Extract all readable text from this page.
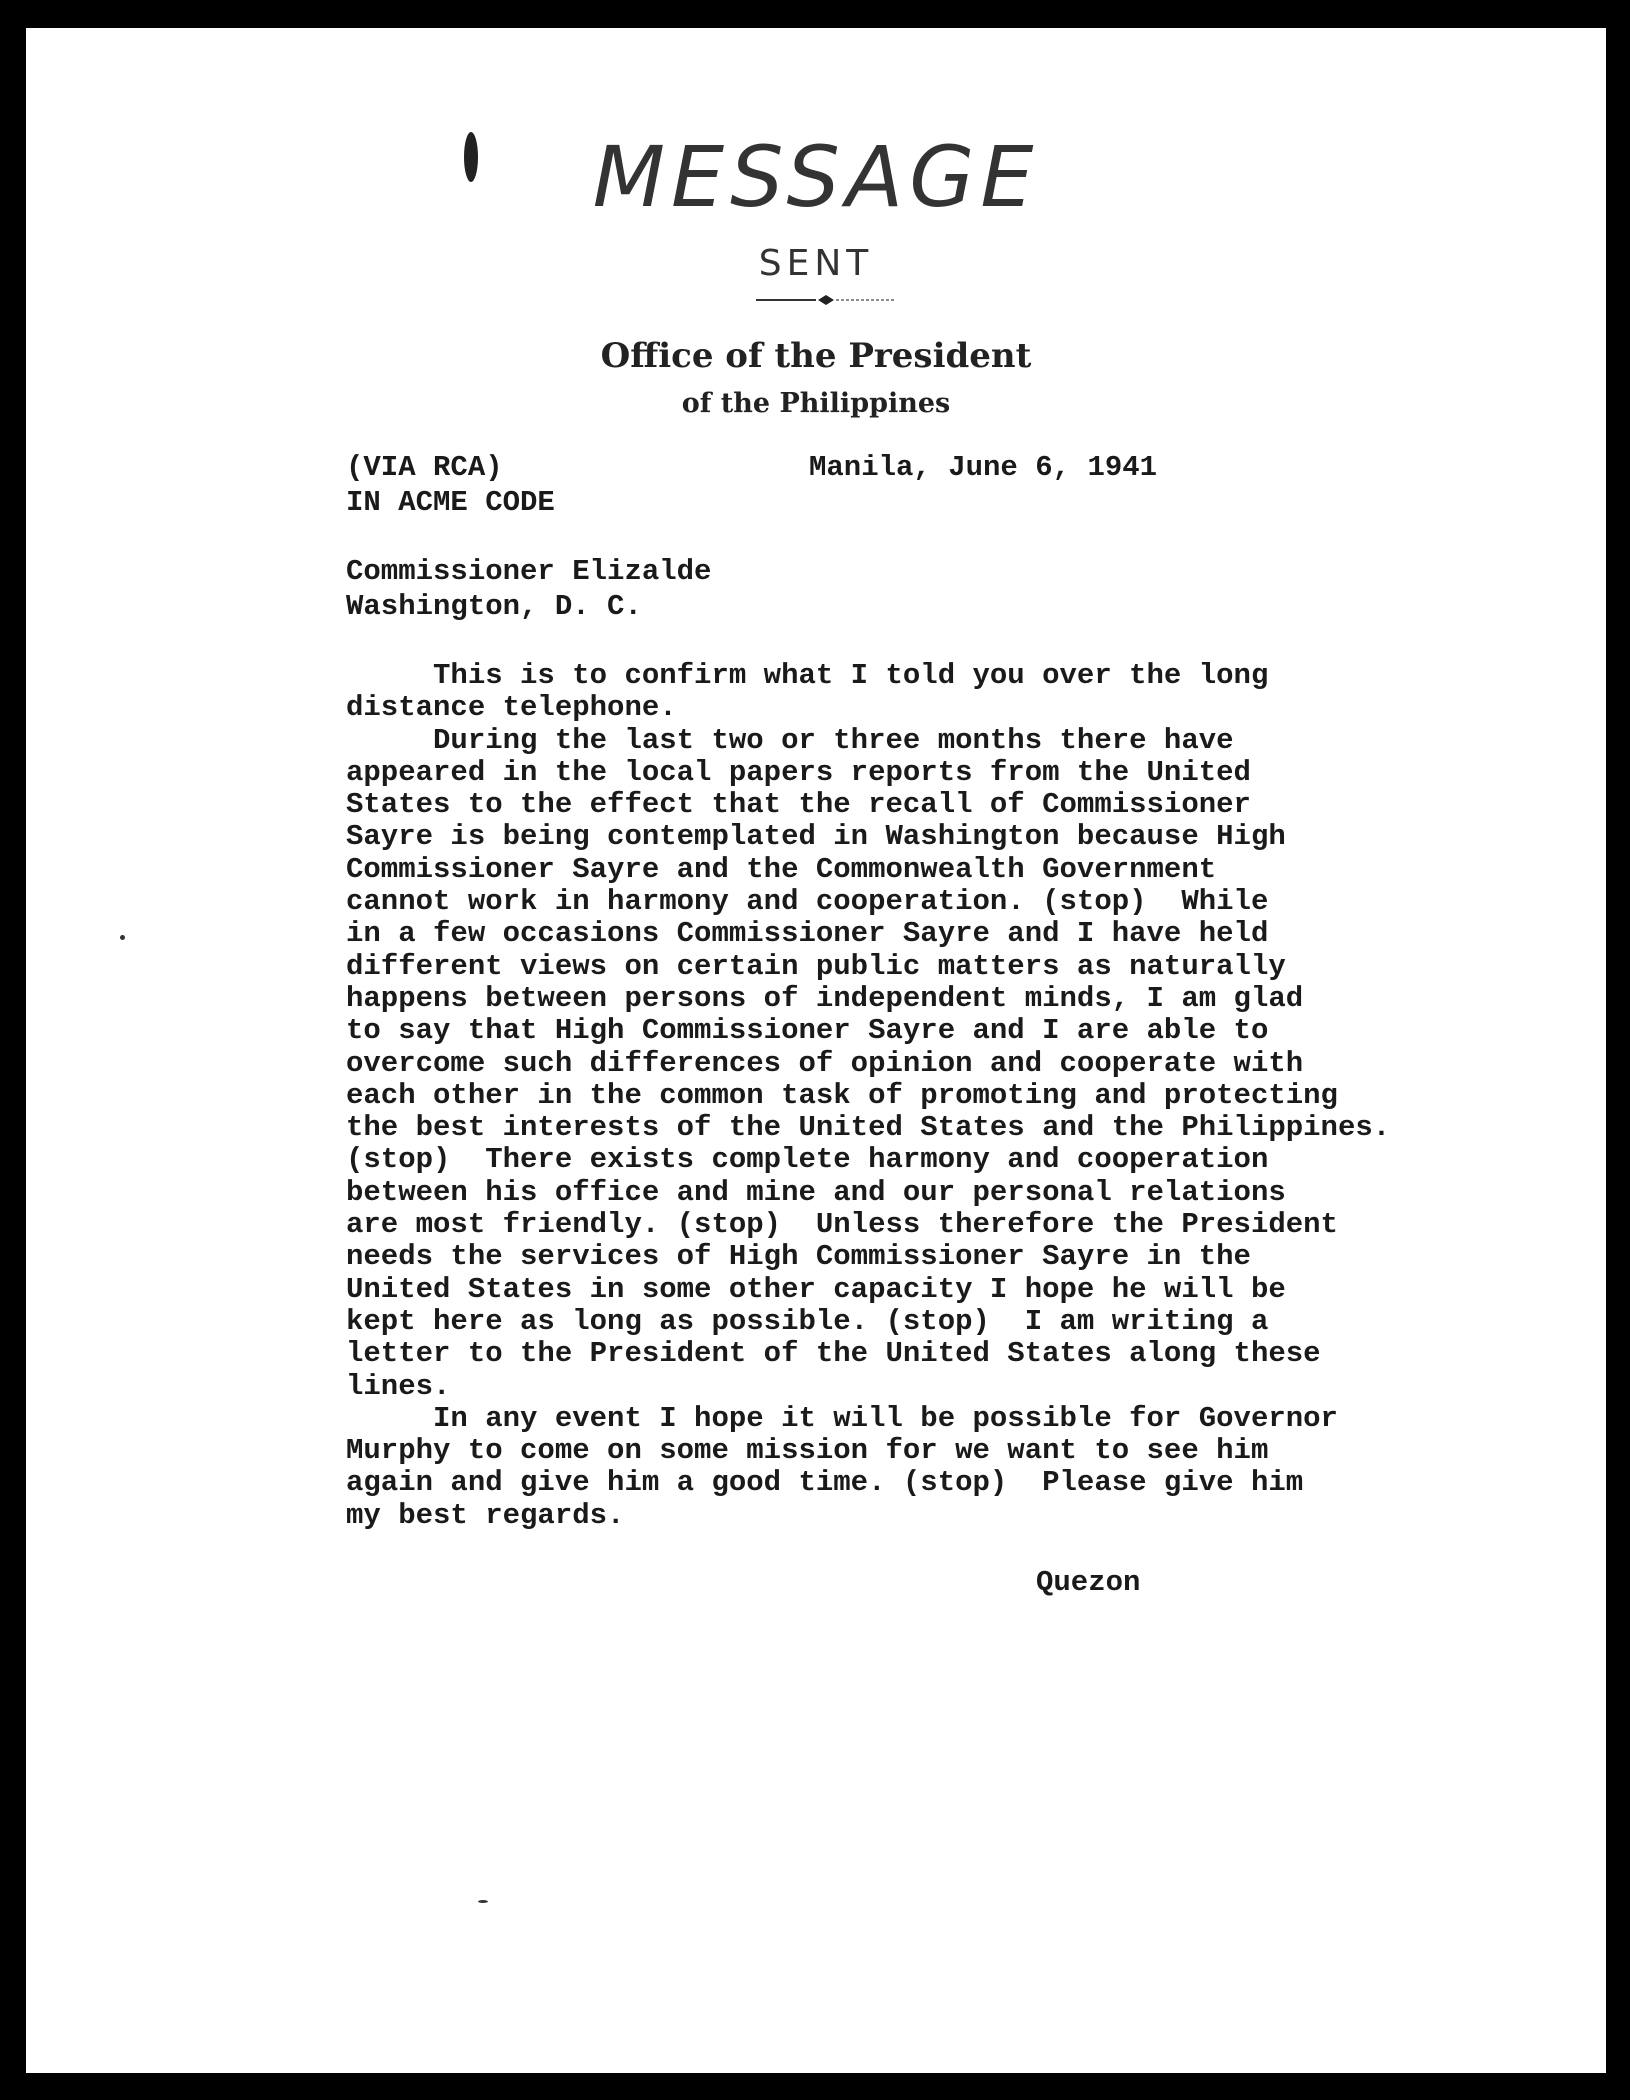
MESSAGE
SENT
Office of the President
of the Philippines
(VIA RCA)
IN ACME CODE
Manila, June 6, 1941
Commissioner Elizalde
Washington, D. C.
This is to confirm what I told you over the long
distance telephone.
During the last two or three months there have
appeared in the local papers reports from the United
States to the effect that the recall of Commissioner
Sayre is being contemplated in Washington because High
Commissioner Sayre and the Commonwealth Government
cannot work in harmony and cooperation. (stop)  While
in a few occasions Commissioner Sayre and I have held
different views on certain public matters as naturally
happens between persons of independent minds, I am glad
to say that High Commissioner Sayre and I are able to
overcome such differences of opinion and cooperate with
each other in the common task of promoting and protecting
the best interests of the United States and the Philippines.
(stop)  There exists complete harmony and cooperation
between his office and mine and our personal relations
are most friendly. (stop)  Unless therefore the President
needs the services of High Commissioner Sayre in the
United States in some other capacity I hope he will be
kept here as long as possible. (stop)  I am writing a
letter to the President of the United States along these
lines.
In any event I hope it will be possible for Governor
Murphy to come on some mission for we want to see him
again and give him a good time. (stop)  Please give him
my best regards.
Quezon
